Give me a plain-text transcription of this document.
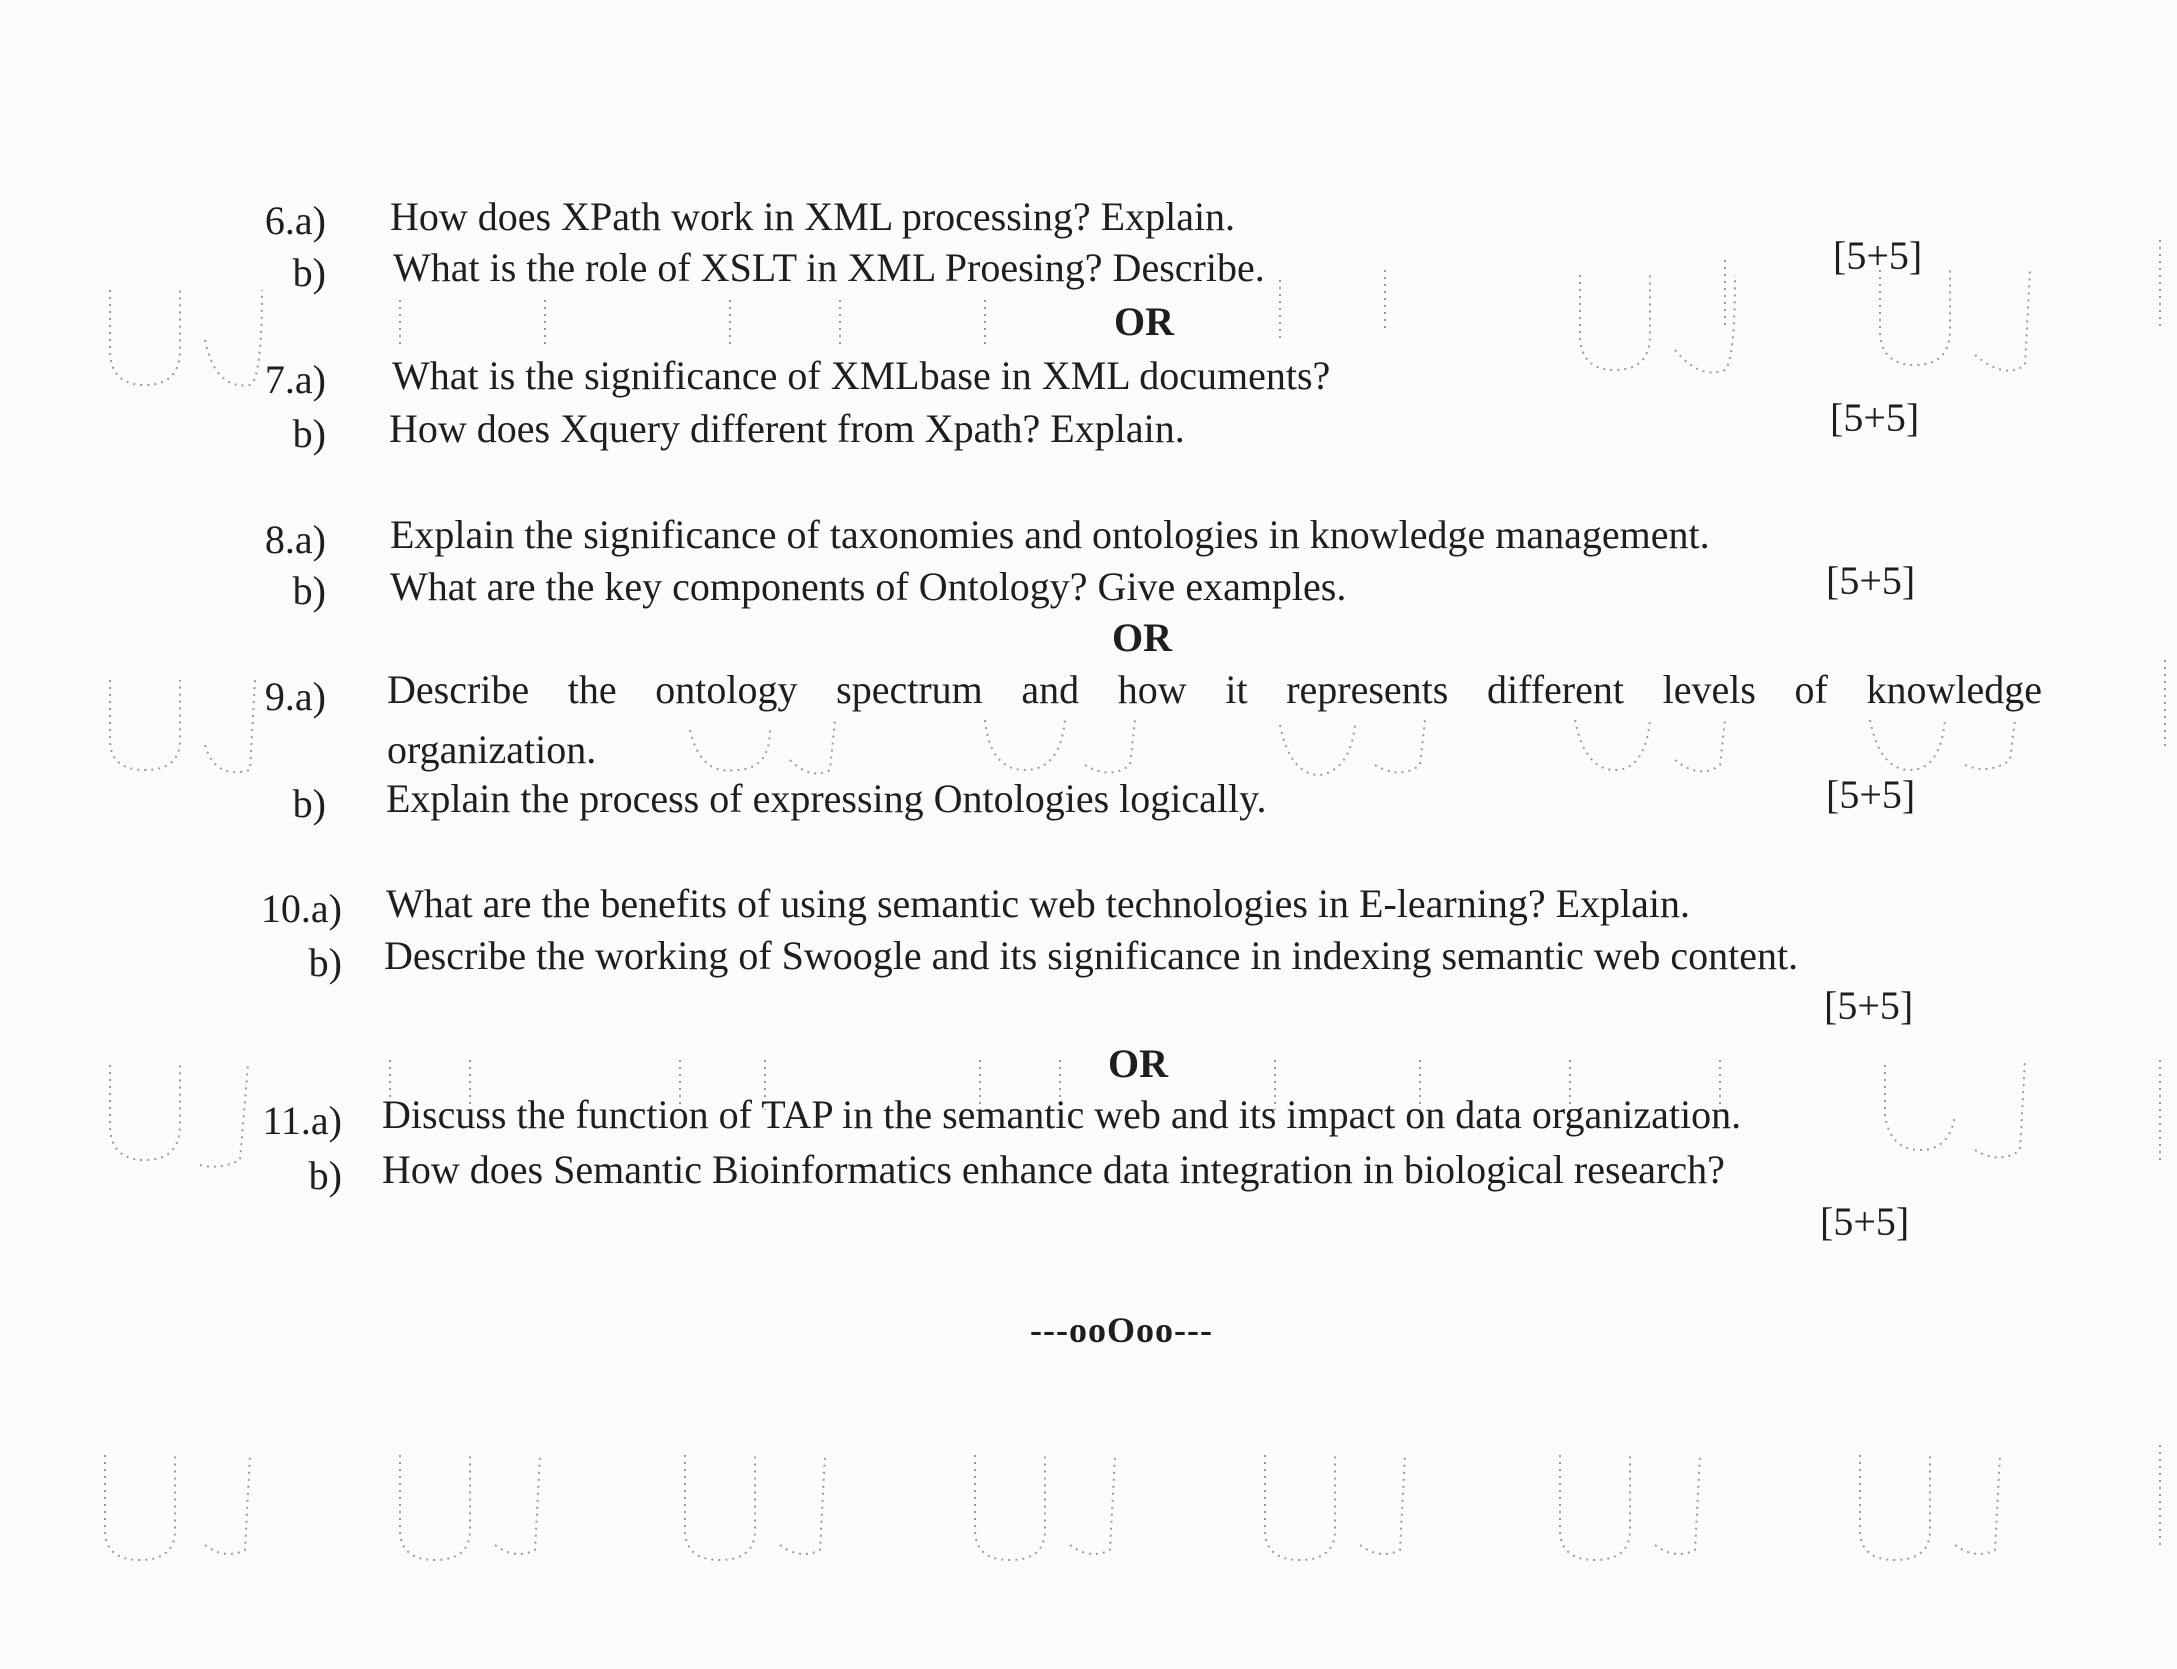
6.a) How does XPath work in XML processing? Explain.
b) What is the role of XSLT in XML Proesing? Describe.	[5+5]
OR
7.a) What is the significance of XMLbase in XML documents?
b) How does Xquery different from Xpath? Explain.	[5+5]
8.a) Explain the significance of taxonomies and ontologies in knowledge management.
b) What are the key components of Ontology? Give examples.	[5+5]
OR
9.a) Describe the ontology spectrum and how it represents different levels of knowledge
organization.
b) Explain the process of expressing Ontologies logically.	[5+5]
10.a) What are the benefits of using semantic web technologies in E-learning? Explain.
b) Describe the working of Swoogle and its significance in indexing semantic web content.
[5+5]
OR
11.a) Discuss the function of TAP in the semantic web and its impact on data organization.
b) How does Semantic Bioinformatics enhance data integration in biological research?
[5+5]
---ooOoo---
